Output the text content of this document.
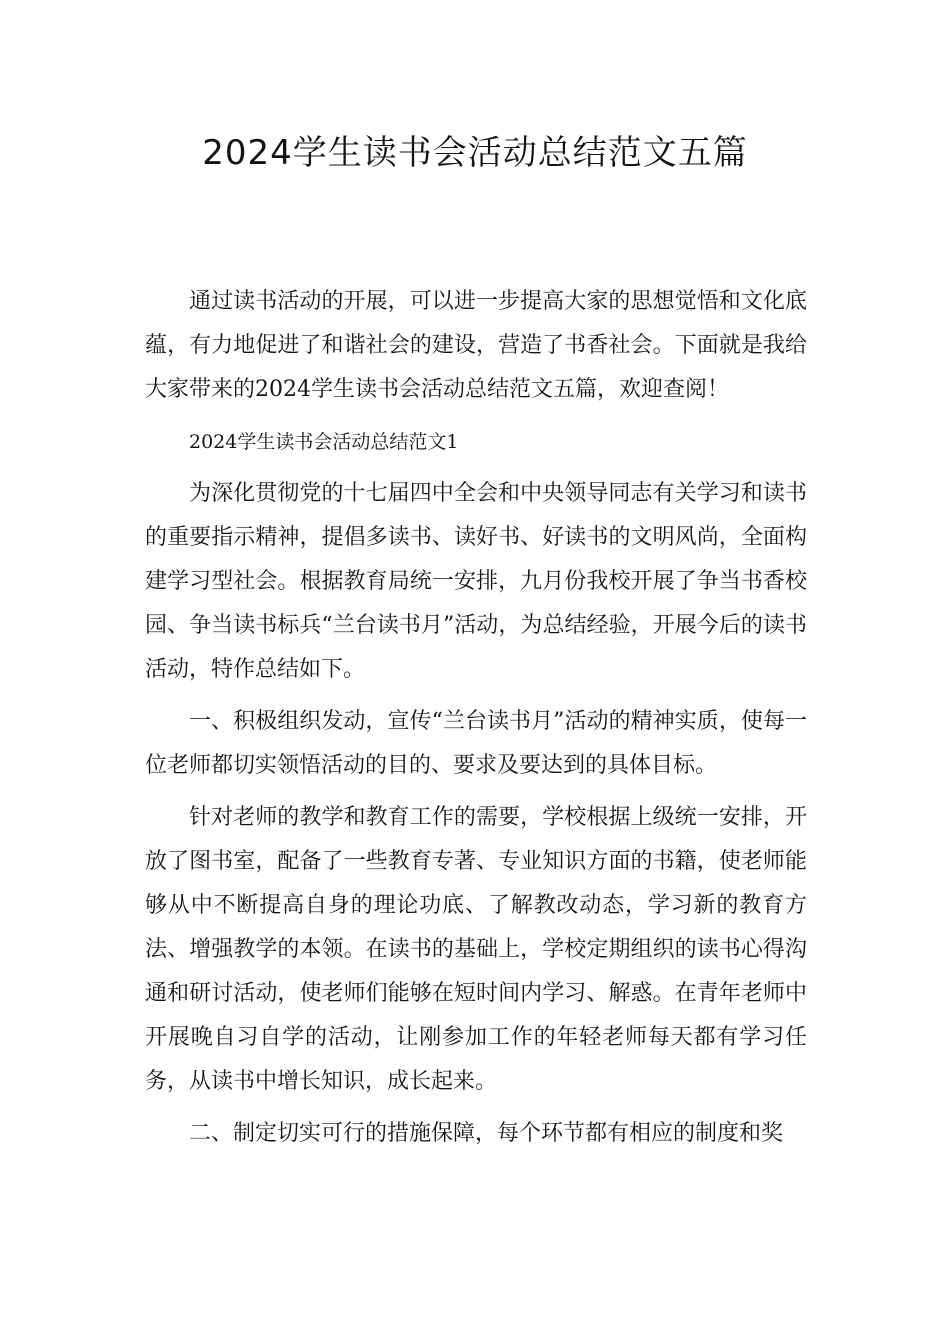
2024学生读书会活动总结范文五篇

通过读书活动的开展，可以进一步提高大家的思想觉悟和文化底蕴，有力地促进了和谐社会的建设，营造了书香社会。下面就是我给大家带来的2024学生读书会活动总结范文五篇，欢迎查阅！

2024学生读书会活动总结范文1

为深化贯彻党的十七届四中全会和中央领导同志有关学习和读书的重要指示精神，提倡多读书、读好书、好读书的文明风尚，全面构建学习型社会。根据教育局统一安排，九月份我校开展了争当书香校园、争当读书标兵“兰台读书月”活动，为总结经验，开展今后的读书活动，特作总结如下。

一、积极组织发动，宣传“兰台读书月”活动的精神实质，使每一位老师都切实领悟活动的目的、要求及要达到的具体目标。

针对老师的教学和教育工作的需要，学校根据上级统一安排，开放了图书室，配备了一些教育专著、专业知识方面的书籍，使老师能够从中不断提高自身的理论功底、了解教改动态，学习新的教育方法、增强教学的本领。在读书的基础上，学校定期组织的读书心得沟通和研讨活动，使老师们能够在短时间内学习、解惑。在青年老师中开展晚自习自学的活动，让刚参加工作的年轻老师每天都有学习任务，从读书中增长知识，成长起来。

二、制定切实可行的措施保障，每个环节都有相应的制度和奖
